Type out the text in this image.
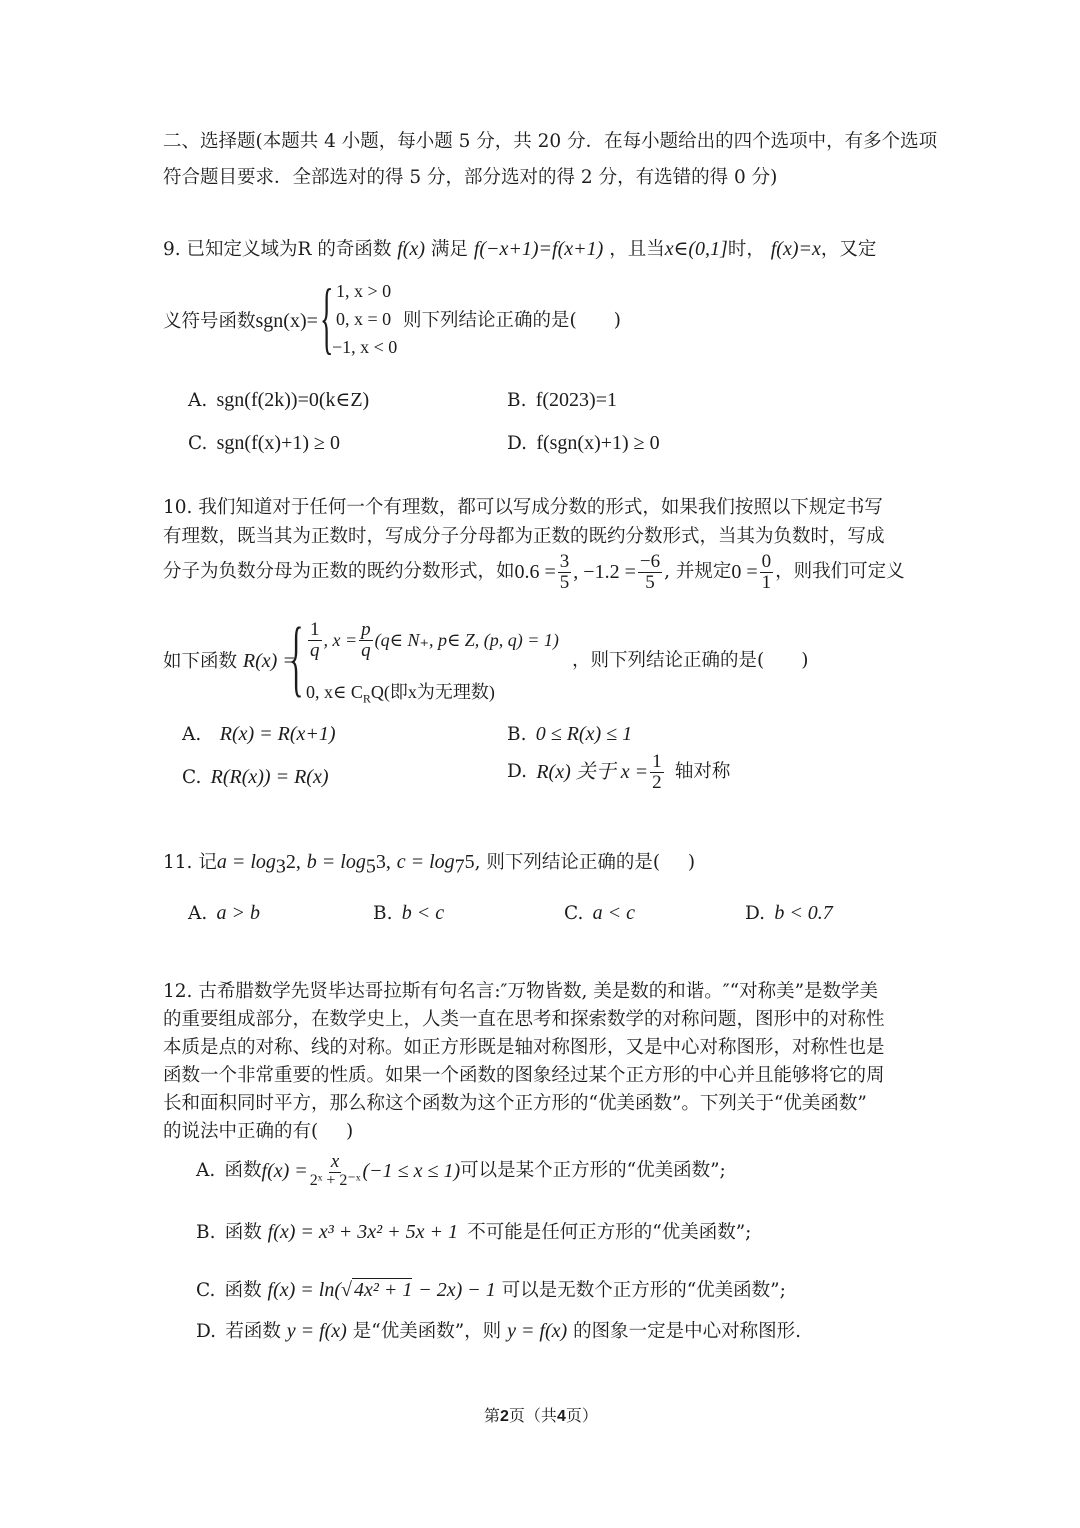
二、选择题(本题共 4 小题，每小题 5 分，共 20 分．在每小题给出的四个选项中，有多个选项
符合题目要求．全部选对的得 5 分，部分选对的得 2 分，有选错的得 0 分)
9. 已知定义域为R 的奇函数 f(x) 满足 f(−x+1)=f(x+1) ，且当x∈(0,1]时， f(x)=x，又定
义符号函数sgn(x)= { 1, x > 0
0, x = 0
−1, x < 0
则下列结论正确的是(   )
A.  sgn(f(2k))=0(k∈Z)	B.  f(2023)=1
C.  sgn(f(x)+1) ≥ 0	D.  f(sgn(x)+1) ≥ 0
10. 我们知道对于任何一个有理数，都可以写成分数的形式，如果我们按照以下规定书写
有理数，既当其为正数时，写成分子分母都为正数的既约分数形式，当其为负数时，写成
分子为负数分母为正数的既约分数形式，如 $0.6 = \frac{3}{5}$ , $-1.2 = \frac{-6}{5}$ , 并规定 $0 = \frac{0}{1}$ ，则我们可定义
如下函数 R(x) =
{ $\frac{1}{q}$ , $x = \frac{p}{q}$ (q∈ N₊, p∈ Z, (p, q) = 1)
0, x∈ $C_RQ$(即x为无理数)
，则下列结论正确的是(   )
A.  R(x) = R(x+1)	B.  0 ≤ R(x) ≤ 1
C.  R(R(x)) = R(x)	D.
  R(x) 关于 $x = \frac{1}{2}$
  轴对称
11. 记$a = \log_32$, $b = \log_53$, $c = \log_75$, 则下列结论正确的是(   )
A.  a > b	B.  b < c	C.  a < c	D.  b < 0.7
12. 古希腊数学先贤毕达哥拉斯有句名言:″万物皆数, 美是数的和谐。″“对称美”是数学美
的重要组成部分，在数学史上，人类一直在思考和探索数学的对称问题，图形中的对称性
本质是点的对称、线的对称。如正方形既是轴对称图形，又是中心对称图形，对称性也是
函数一个非常重要的性质。如果一个函数的图象经过某个正方形的中心并且能够将它的周
长和面积同时平方，那么称这个函数为这个正方形的“优美函数”。下列关于“优美函数”
的说法中正确的有(   )
A.
  函数 $f(x) = \frac{x}{\text{2ˣ + 2⁻ˣ}} (-1 \le x \le 1)$ 可以是某个正方形的“优美函数”;
B.  函数 f(x) = x³ + 3x² + 5x + 1  不可能是任何正方形的“优美函数”;
C.  函数 f(x) = ln(√ 4x² + 1 − 2x) − 1 可以是无数个正方形的“优美函数”;
D.  若函数 y = f(x) 是“优美函数”，则 y = f(x) 的图象一定是中心对称图形.
第2页（共4页）
